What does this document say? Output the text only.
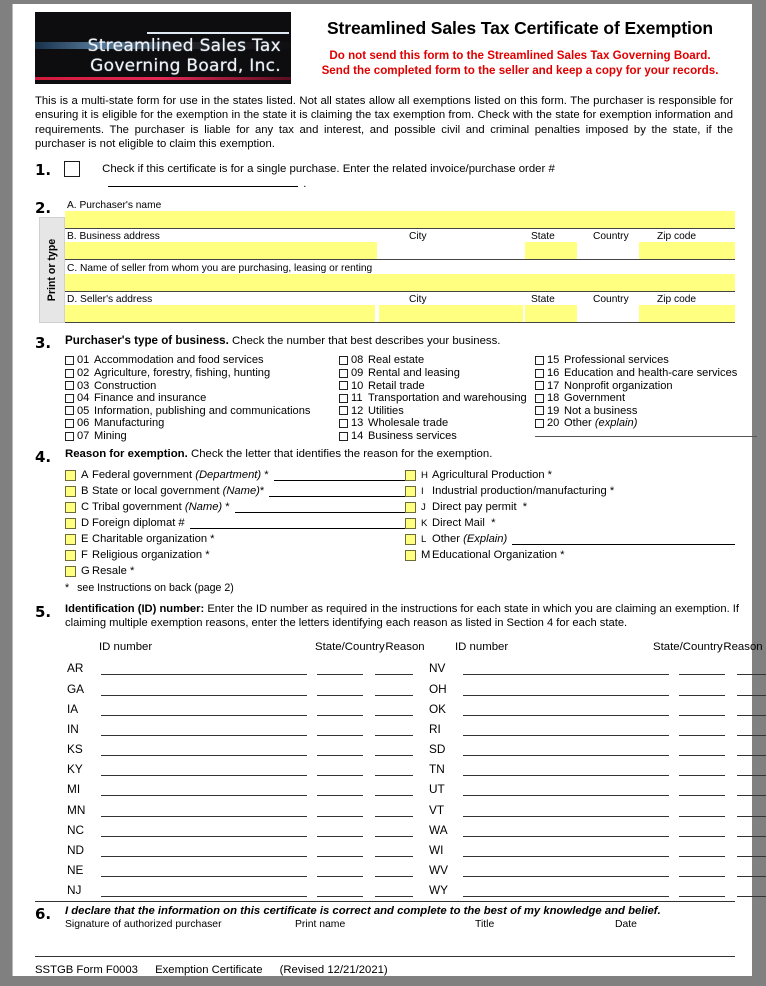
Streamlined Sales Tax
Governing Board, Inc.
Streamlined Sales Tax Certificate of Exemption
Do not send this form to the Streamlined Sales Tax Governing Board.
Send the completed form to the seller and keep a copy for your records.
This is a multi-state form for use in the states listed. Not all states allow all exemptions listed on this form. The purchaser is responsible for ensuring it is eligible for the exemption in the state it is claiming the tax exemption from. Check with the state for exemption information and requirements. The purchaser is liable for any tax and interest, and possible civil and criminal penalties imposed by the state, if the purchaser is not eligible to claim this exemption.
1.	Check if this certificate is for a single purchase. Enter the related invoice/purchase order #  .
2.
Print or type
A. Purchaser's name
B. Business address	City	State	Country	Zip code
C. Name of seller from whom you are purchasing, leasing or renting
D. Seller's address	City	State	Country	Zip code
3.	Purchaser's type of business. Check the number that best describes your business.
01 Accommodation and food services
02 Agriculture, forestry, fishing, hunting
03 Construction
04 Finance and insurance
05 Information, publishing and communications
06 Manufacturing
07 Mining
08 Real estate
09 Rental and leasing
10 Retail trade
11 Transportation and warehousing
12 Utilities
13 Wholesale trade
14 Business services
15 Professional services
16 Education and health-care services
17 Nonprofit organization
18 Government
19 Not a business
20 Other
(explain)
4.	Reason for exemption. Check the letter that identifies the reason for the exemption.
A Federal government
(Department)
*
B State or local government
(Name) *
C Tribal government
(Name)
*
D Foreign diplomat #
E Charitable organization
*
F Religious organization
*
G Resale
*
H Agricultural Production
*
I Industrial production/manufacturing
*
J Direct pay permit
*
K Direct Mail
*
L Other
(Explain)
M Educational Organization
*
* see Instructions on back (page 2)
5.	Identification (ID) number: Enter the ID number as required in the instructions for each state in which you are claiming an exemption. If claiming multiple exemption reasons, enter the letters identifying each reason as listed in Section 4 for each state.
ID number	State/Country Reason	ID number	State/Country Reason
AR	NV
GA	OH
IA	OK
IN	RI
KS	SD
KY	TN
MI	UT
MN	VT
NC	WA
ND	WI
NE	WV
NJ	WY
6.	I declare that the information on this certificate is correct and complete to the best of my knowledge and belief.
Signature of authorized purchaser	Print name	Title	Date
SSTGB Form F0003 Exemption Certificate (Revised 12/21/2021)
